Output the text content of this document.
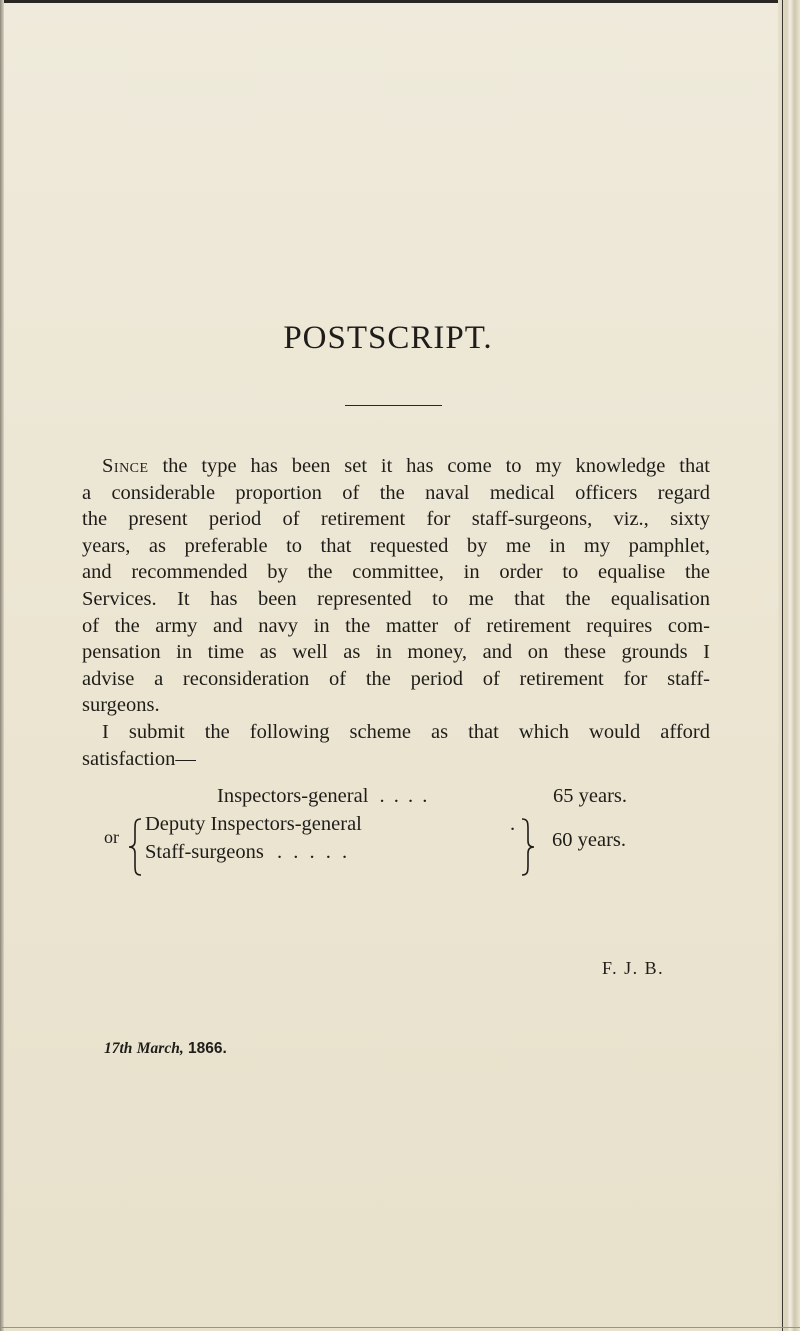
POSTSCRIPT.

Since the type has been set it has come to my knowledge that
a considerable proportion of the naval medical officers regard
the present period of retirement for staff-surgeons, viz., sixty
years, as preferable to that requested by me in my pamphlet,
and recommended by the committee, in order to equalise the
Services. It has been represented to me that the equalisation
of the army and navy in the matter of retirement requires com-
pensation in time as well as in money, and on these grounds I
advise a reconsideration of the period of retirement for staff-
surgeons.

I submit the following scheme as that which would afford
satisfaction—

Inspectors-general . . . .	65 years.
or
Deputy Inspectors-general	.
Staff-surgeons . . . . .
60 years.
F. J. B.
17th March, 1866.
